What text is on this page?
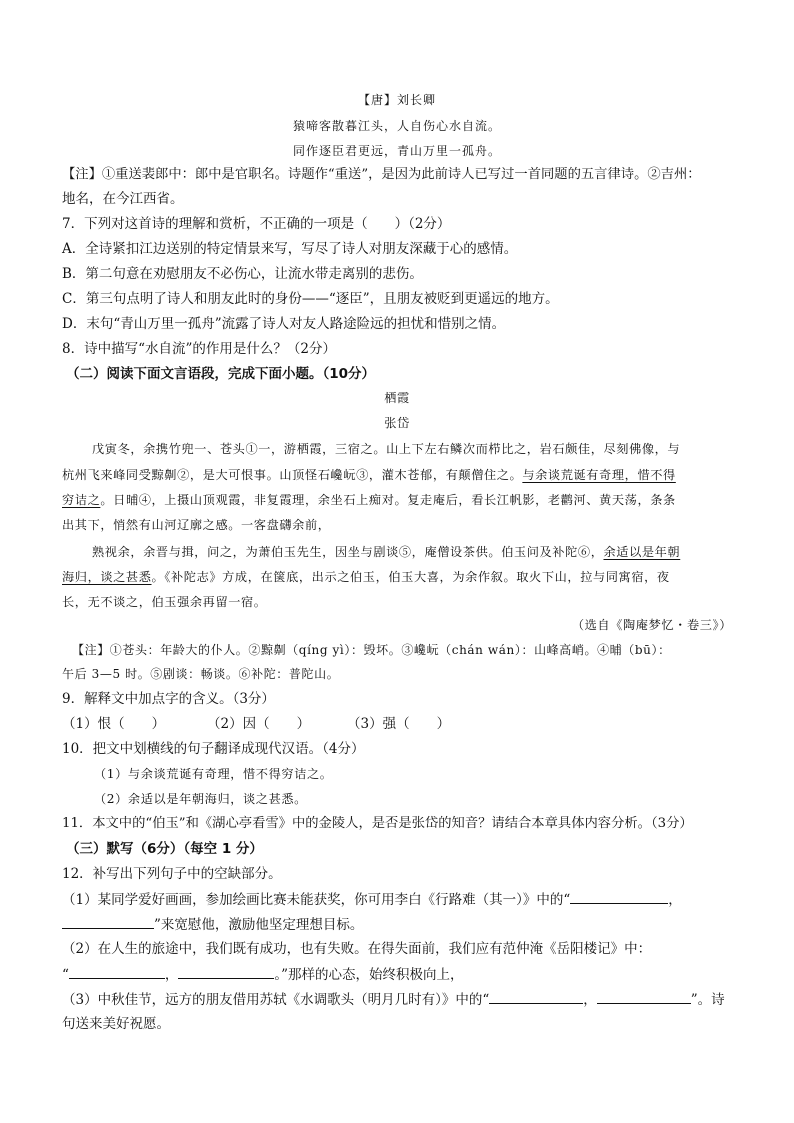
【唐】刘长卿
猿啼客散暮江头，人自伤心水自流。
同作逐臣君更远，青山万里一孤舟。
【注】①重送裴郎中：郎中是官职名。诗题作“重送”，是因为此前诗人已写过一首同题的五言律诗。②吉州：
地名，在今江西省。
7．下列对这首诗的理解和赏析，不正确的一项是（　　）（2分）
A．全诗紧扣江边送别的特定情景来写，写尽了诗人对朋友深藏于心的感情。
B．第二句意在劝慰朋友不必伤心，让流水带走离别的悲伤。
C．第三句点明了诗人和朋友此时的身份——“逐臣”，且朋友被贬到更遥远的地方。
D．末句“青山万里一孤舟”流露了诗人对友人路途险远的担忧和惜别之情。
8．诗中描写“水自流”的作用是什么？（2分）
（二）阅读下面文言语段，完成下面小题。（10分）
栖霞
张岱
戊寅冬，余携竹兜一、苍头①一，游栖霞，三宿之。山上下左右鳞次而栉比之，岩石颇佳，尽刻佛像，与
杭州飞来峰同受黥劓②，是大可恨事。山顶怪石巉岏③，灌木苍郁，有颠僧住之。与余谈荒诞有奇理，惜不得
穷诘之。日晡④，上摄山顶观霞，非复霞理，余坐石上痴对。复走庵后，看长江帆影，老鹳河、黄天荡，条条
出其下，悄然有山河辽廓之感。一客盘礴余前，
熟视余，余晋与揖，问之，为萧伯玉先生，因坐与剧谈⑤，庵僧设茶供。伯玉问及补陀⑥，余适以是年朝
海归，谈之甚悉。《补陀志》方成，在箧底，出示之伯玉，伯玉大喜，为余作叙。取火下山，拉与同寓宿，夜
长，无不谈之，伯玉强余再留一宿。
（选自《陶庵梦忆・卷三》）
【注】①苍头：年龄大的仆人。②黥劓（qíng yì）：毁坏。③巉岏（chán wán）：山峰高峭。④晡（bū）：
午后 3—5 时。⑤剧谈：畅谈。⑥补陀：普陀山。
9．解释文中加点字的含义。（3分）
（1）恨（　　）	（2）因（　　）	（3）强（　　）
10．把文中划横线的句子翻译成现代汉语。（4分）
（1）与余谈荒诞有奇理，惜不得穷诘之。
（2）余适以是年朝海归，谈之甚悉。
11．本文中的“伯玉”和《湖心亭看雪》中的金陵人，是否是张岱的知音？请结合本章具体内容分析。（3分）
（三）默写（6分）（每空 1 分）
12．补写出下列句子中的空缺部分。
（1）某同学爱好画画，参加绘画比赛未能获奖，你可用李白《行路难（其一）》中的“	，
”来宽慰他，激励他坚定理想目标。
（2）在人生的旅途中，我们既有成功，也有失败。在得失面前，我们应有范仲淹《岳阳楼记》中：
“	，	。”那样的心态，始终积极向上，
（3）中秋佳节，远方的朋友借用苏轼《水调歌头（明月几时有）》中的“	，	”。诗
句送来美好祝愿。
